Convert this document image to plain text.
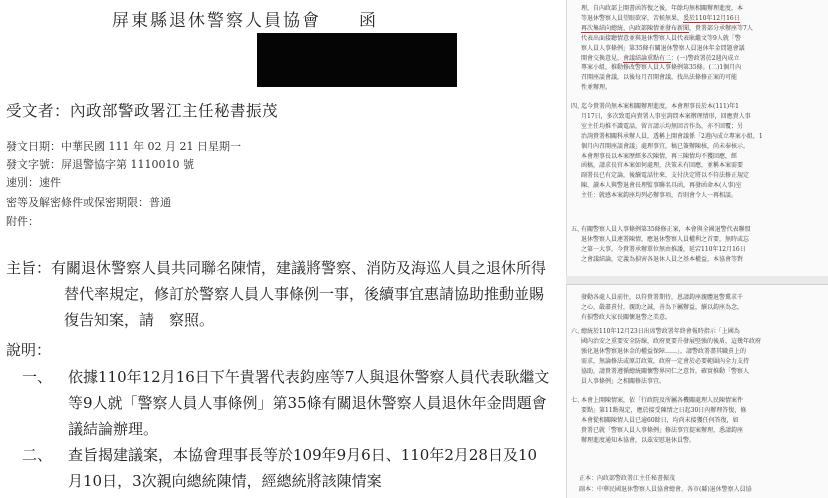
屏東縣退休警察人員協會　　函
受文者：內政部警政署江主任秘書振茂
發文日期：中華民國 111 年 02 月 21 日星期一
發文字號：屏退警協字第 1110010 號
速別：速件
密等及解密條件或保密期限：普通
附件：
主旨：有關退休警察人員共同聯名陳情，建議將警察、消防及海巡人員之退休所得替代率規定，修訂於警察人員人事條例一事，後續事宜惠請協助推動並賜復告知案，請　察照。
說明：
一、	依據110年12月16日下午貴署代表鈞座等7人與退休警察人員代表耿繼文等9人就「警察人員人事條例」第35條有關退休警察人員退休年金問題會議結論辦理。
二、	查旨揭建議案，本協會理事長等於109年9月6日、110年2月28日及10月10日，3次親向總統陳情，經總統將該陳情案
理，自內政部上開書函答復之後，年餘均無相關辦理進度，本
等退休警察人員望眼欲穿，苦候無果，爰於110年12月16日
再次集結向總統、內政部陳情並發布新聞，貴署部分承辦座等7人
代表出面接聽情意並與退休警察人員代表耿繼文等9人就「警
察人員人事條例」第35條有關退休警察人員退休年金問題會議
開會交換意見，會議結論重點有二：(一)警政署於2週內成立
專案小組，推動修改警察人員人事條例第35條。(二)1個月內
召開座談會議，以後每月召開會議，找出法條修正案的可能
性並辦理。
四、
迄今貴署尚無本案相關辦理進度，本會理事長於本(111)年1
月17日，多次致電向貴署人事室詢問本案辦理情形，回應貴人事
室主任均推不識電話，留言請示均無回音作為，亦不回覆；另
治詢貴署相關科承辦人員，透稱上開會議係「2週內成立專案小組，1
個月內召開座談會議」處理事宜，稿已簽辦陳核，尚未奉核示。
本會理事長以本案歷經多次陳情，再三陳情均不獲回應，經
函稿，請求長官本案如何處理，決策未有回應，並稱本案需要
副署長已有定論，後續電話往來，支付決定將以不符法修正規定
陳，讀本人與警退會長理監事聯名具函，再發函命本(人事)室
主任：就感本案鈞座均列必辦事項，否則會令人一再相談。
五、
有關警察人員人事條例第35條修正案，本會與全國退警代表聯盟
退休警察人員連署陳情，應退休警察人員權利之首要，無時或忘
之第一大事，今貴署承辦單位無由推諉，延宕110年12月16日
之會議結論，定義為損害各退休人員之基本權益，本協會等對
發動各處人員前往，以符貴署期待，恩請鈞座親體退警冀求千
之心，嚴肅責付，親助之誠，善為下屬辦益，續以鈞座為念，
有損警政大家長關懷退警之美意。
六、
總統於110年12月23日出席警政署年終會報時指示「上國為
國內治安之重要安全防線，政府更要升發展堅強的後盾，這幾年政府
強化退休警察退休金的權益保障……」，請警政署盡其職責上的
需求，無論修法或原訂政策，政府一定會於必要範圍內全力支持
協助，請貴署遵循總統關懷警界同仁之意旨，確實推動「警察人
員人事條例」之相關修法事宜。
七、
本會上開陳情案，依「行政院及所屬各機關處理人民陳情案件
要點」第11點規定，應於接受陳情之日起30日內辦理答復，條
本會從相關陳情人員已逾60餘日，均尚未接獲任何答復，如
貴署已就「警察人員人事條例」修法事宜提案辦理，悉請鈞座
辦理進度通知本協會，以茲安慰退休員警。
正本：內政部警政署江主任秘書振茂
副本：中華民國退休警察人員協會總會、各市(縣)退休警察人員協
